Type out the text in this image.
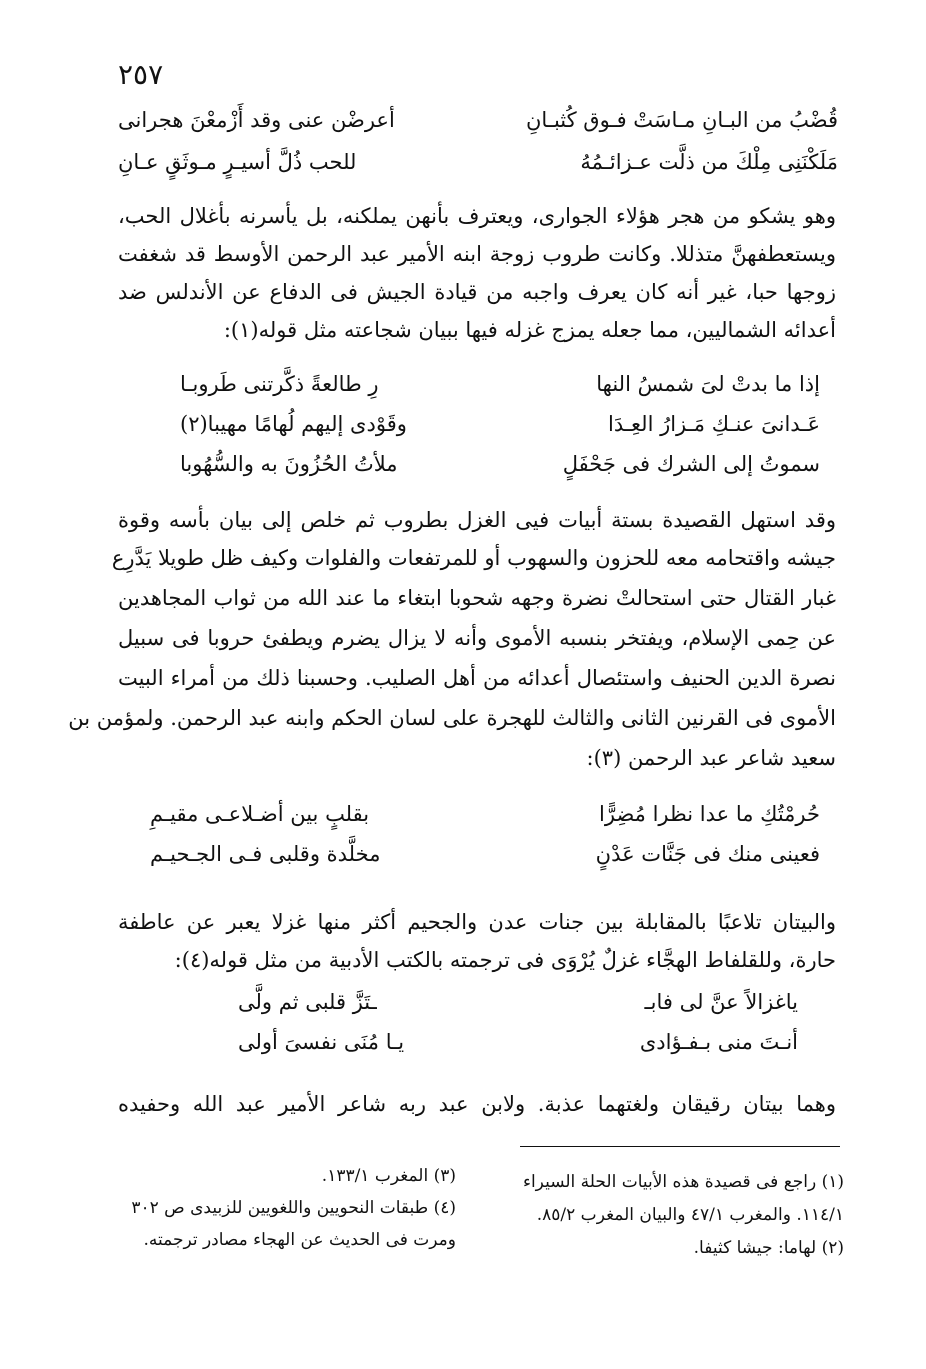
٢٥٧
قُضْبُ من البـانِ مـاسَتْ فـوق كُثبـانِ
أعرضْن عنى وقد أَزْمعْنَ هجرانى
مَلَكْنَنِى مِلْكَ من ذلَّت عـزائـمُهُ
للحب ذُلَّ أسيـرٍ مـوثَقٍ عـانِ
وهو يشكو من هجر هؤلاء الجوارى، ويعترف بأنهن يملكنه، بل يأسرنه بأغلال الحب،
ويستعطفهنَّ متذللا. وكانت طروب زوجة ابنه الأمير عبد الرحمن الأوسط قد شغفت
زوجها حبا، غير أنه كان يعرف واجبه من قيادة الجيش فى الدفاع عن الأندلس ضد
أعدائه الشماليين، مما جعله يمزج غزله فيها ببيان شجاعته مثل قوله(١):
إذا ما بدتْ لىَ شمسُ النها
رِ طالعةً ذكَّرتنى طَروبـا
عَـدانىَ عنـكِ مَـزارُ العِـدَا
وقَوْدى إليهم لُهامًا مهيبا(٢)
سموتُ إلى الشرك فى جَحْفَلٍ
ملأتُ الحُزُونَ به والسُّهُوبا
وقد استهل القصيدة بستة أبيات فيى الغزل بطروب ثم خلص إلى بيان بأسه وقوة
جيشه واقتحامه معه للحزون والسهوب أو للمرتفعات والفلوات وكيف ظل طويلا يَدَّرِع
غبار القتال حتى استحالتْ نضرة وجهه شحوبا ابتغاء ما عند الله من ثواب المجاهدين
عن حِمى الإسلام، ويفتخر بنسبه الأموى وأنه لا يزال يضرم ويطفئ حروبا فى سبيل
نصرة الدين الحنيف واستئصال أعدائه من أهل الصليب. وحسبنا ذلك من أمراء البيت
الأموى فى القرنين الثانى والثالث للهجرة على لسان الحكم وابنه عبد الرحمن. ولمؤمن بن
سعيد شاعر عبد الرحمن (٣):
حُرمْتُكِ ما عدا نظرا مُضِرًّا
بقلبٍ بين أضـلاعـى مقيـمِ
فعينى منك فى جَنَّات عَدْنٍ
مخلَّدة وقلبى فـى الجـحيـم
والبيتان تلاعبًا بالمقابلة بين جنات عدن والجحيم أكثر منها غزلا يعبر عن عاطفة
حارة، وللقلفاط الهجَّاء غزلٌ يُرْوَى فى ترجمته بالكتب الأدبية من مثل قوله(٤):
ياغزالاً عنَّ لى فابـ
ـتَزَّ قلبى ثم ولَّى
أنـتَ منى بـفـؤادى
يـا مُنَى نفسىَ أولى
وهما بيتان رقيقان ولغتهما عذبة. ولابن عبد ربه شاعر الأمير عبد الله وحفيده
(١) راجع فى قصيدة هذه الأبيات الحلة السيراء
١١٤/١. والمغرب ٤٧/١ والبيان المغرب ٨٥/٢.
(٢) لهاما: جيشا كثيفا.
(٣) المغرب ١٣٣/١.
(٤) طبقات النحويين واللغويين للزبيدى ص ٣٠٢
ومرت فى الحديث عن الهجاء مصادر ترجمته.
